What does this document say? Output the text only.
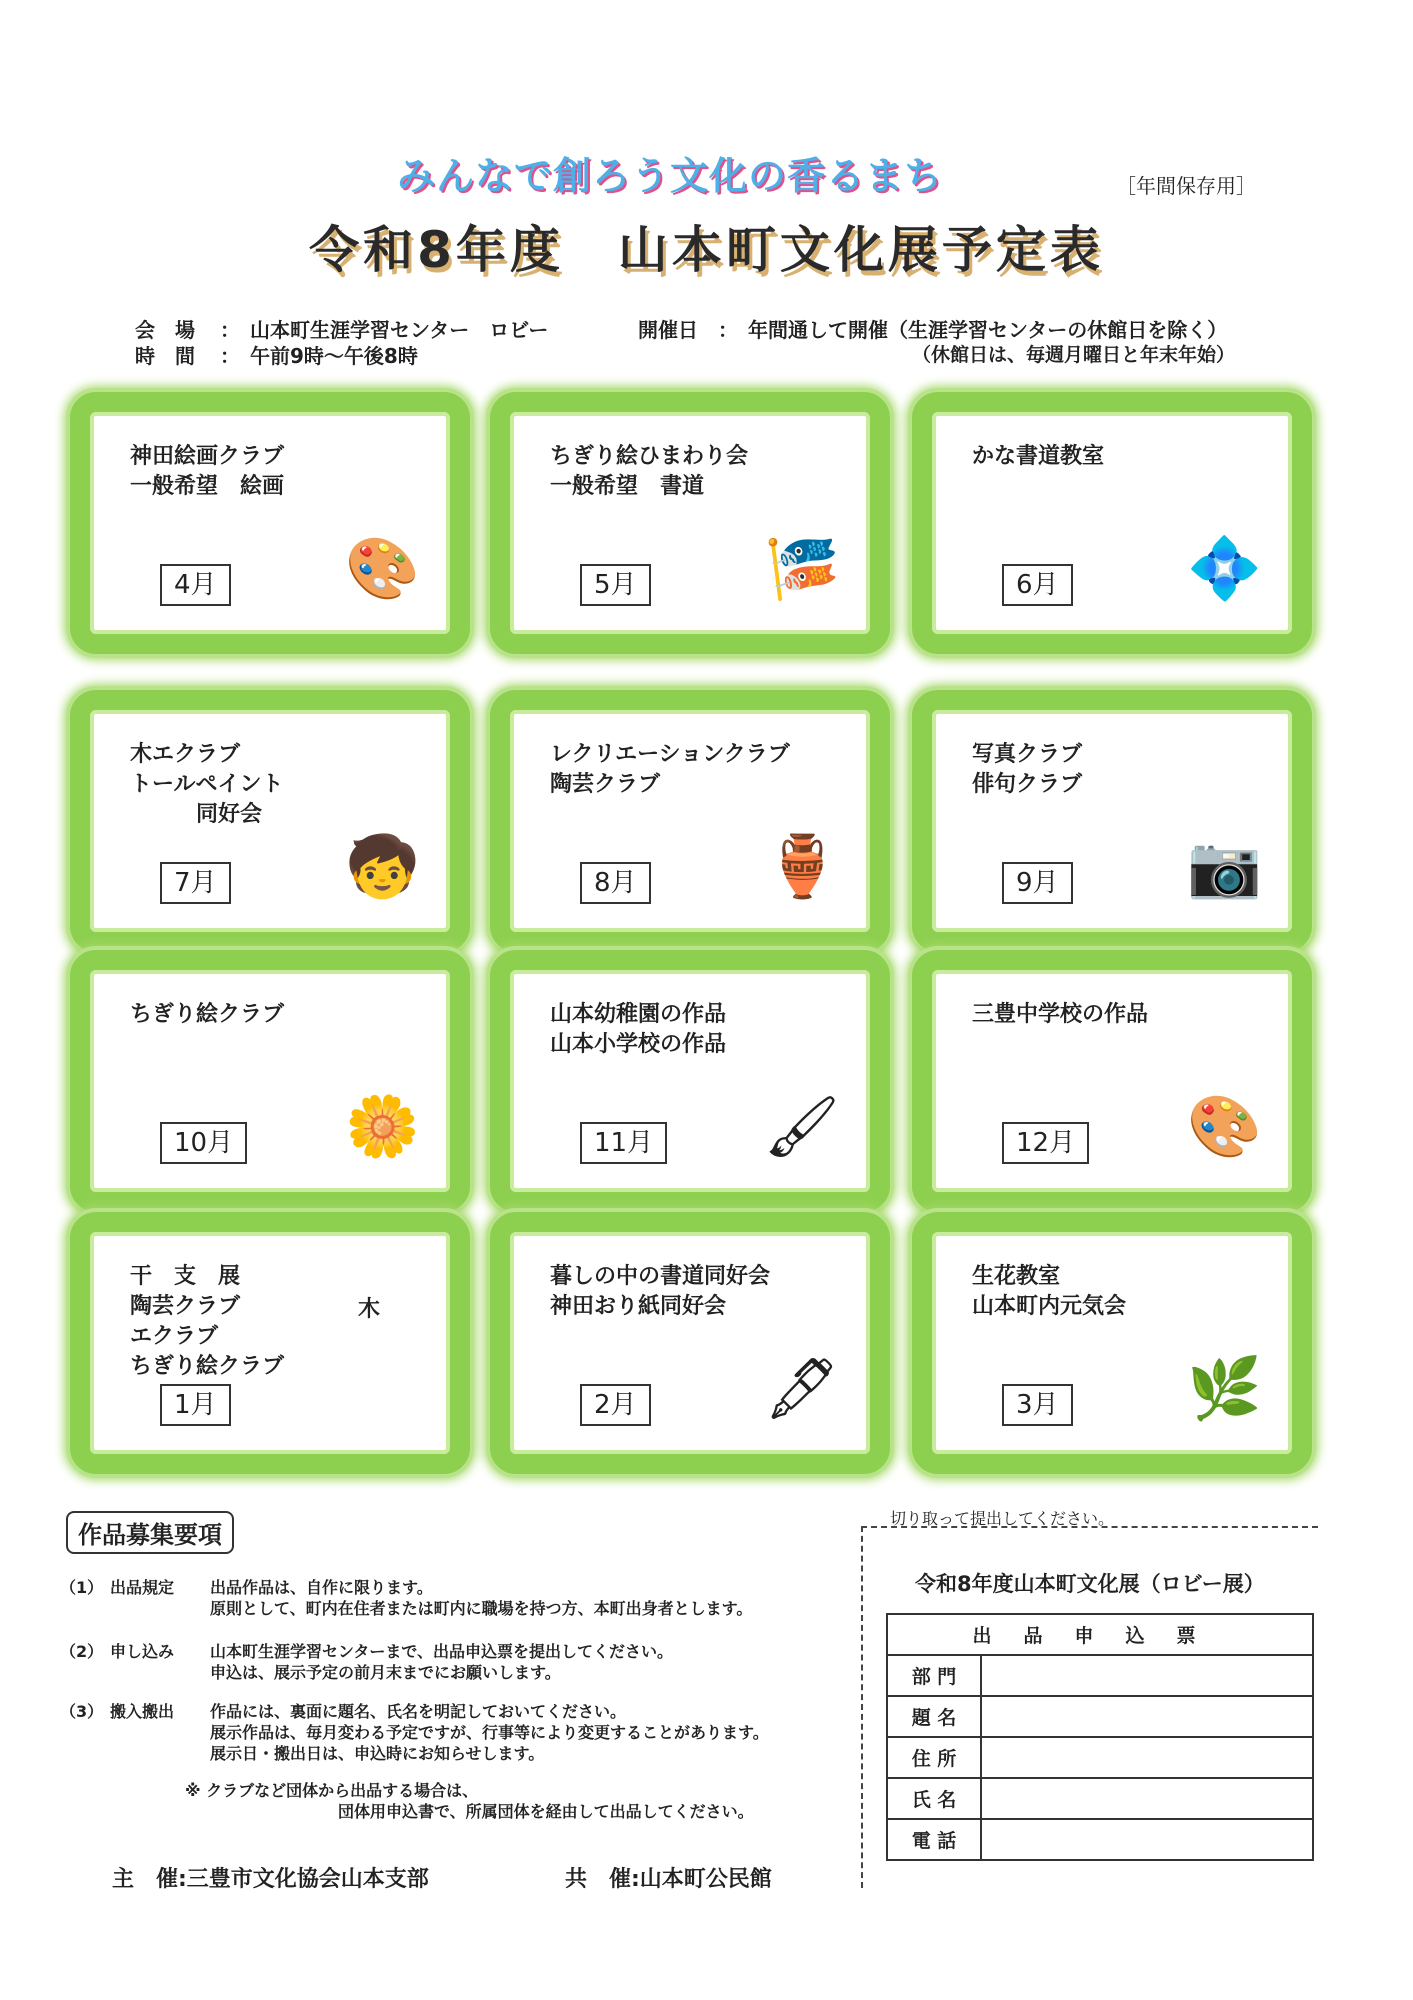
みんなで創ろう文化の香るまち	［年間保存用］
令和8年度　山本町文化展予定表
会　場 ：　山本町生涯学習センター　ロビー
時　間 ：　午前9時～午後8時
開催日 ：　年間通して開催（生涯学習センターの休館日を除く）
（休館日は、毎週月曜日と年末年始）
神田絵画クラブ
一般希望　絵画
4月 🎨
ちぎり絵ひまわり会
一般希望　書道
5月 🎏
かな書道教室
6月 💠
木エクラブ
トールペイント
　　　同好会
7月 🧒
レクリエーションクラブ
陶芸クラブ
8月 🏺
写真クラブ
俳句クラブ
9月 📷
ちぎり絵クラブ
10月 🌼
山本幼稚園の作品
山本小学校の作品
11月 🖌
三豊中学校の作品
12月 🎨
干　支　展
陶芸クラブ
エクラブ
ちぎり絵クラブ
1月
木
暮しの中の書道同好会
神田おり紙同好会
2月 🖋
生花教室
山本町内元気会
3月 🌿
作品募集要項
（1） 出品規定 出品作品は、自作に限ります。
原則として、町内在住者または町内に職場を持つ方、本町出身者とします。
（2） 申し込み 山本町生涯学習センターまで、出品申込票を提出してください。
申込は、展示予定の前月末までにお願いします。
（3） 搬入搬出 作品には、裏面に題名、氏名を明記しておいてください。
展示作品は、毎月変わる予定ですが、行事等により変更することがあります。
展示日・搬出日は、申込時にお知らせします。
※ クラブなど団体から出品する場合は、
団体用申込書で、所属団体を経由して出品してください。
主　催:三豊市文化協会山本支部	共　催:山本町公民館
切り取って提出してください。
令和8年度山本町文化展（ロビー展）
出品申込票	
部 門	
題 名	
住 所	
氏 名	
電 話	
